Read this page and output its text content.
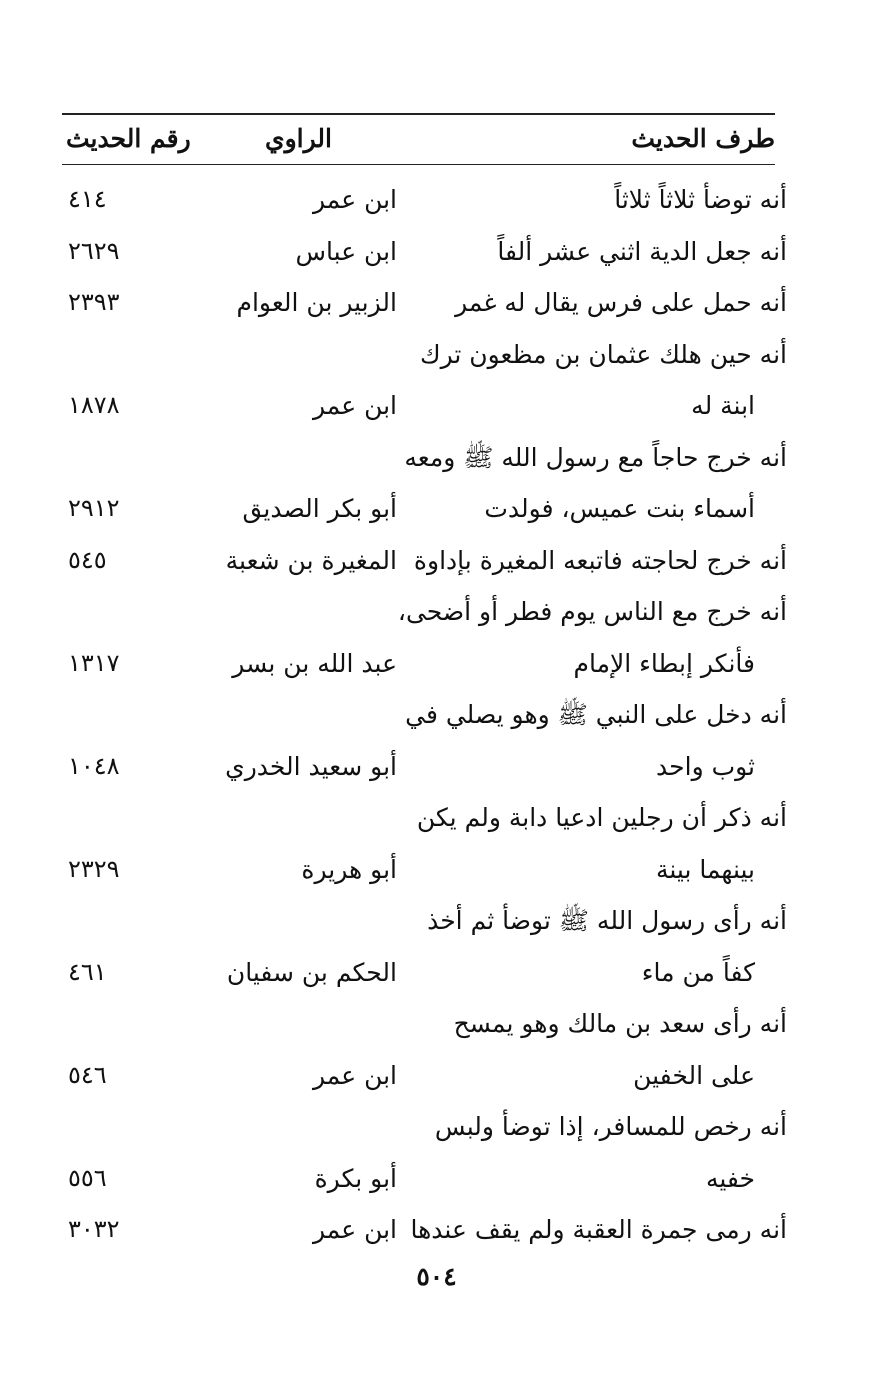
طرف الحديث
الراوي
رقم الحديث
أنه توضأ ثلاثاً ثلاثاً
ابن عمر
٤١٤
أنه جعل الدية اثني عشر ألفاً
ابن عباس
٢٦٢٩
أنه حمل على فرس يقال له غمر
الزبير بن العوام
٢٣٩٣
أنه حين هلك عثمان بن مظعون ترك
ابنة له
ابن عمر
١٨٧٨
أنه خرج حاجاً مع رسول الله ﷺ ومعه
أسماء بنت عميس، فولدت
أبو بكر الصديق
٢٩١٢
أنه خرج لحاجته فاتبعه المغيرة بإداوة
المغيرة بن شعبة
٥٤٥
أنه خرج مع الناس يوم فطر أو أضحى،
فأنكر إبطاء الإمام
عبد الله بن بسر
١٣١٧
أنه دخل على النبي ﷺ وهو يصلي في
ثوب واحد
أبو سعيد الخدري
١٠٤٨
أنه ذكر أن رجلين ادعيا دابة ولم يكن
بينهما بينة
أبو هريرة
٢٣٢٩
أنه رأى رسول الله ﷺ توضأ ثم أخذ
كفاً من ماء
الحكم بن سفيان
٤٦١
أنه رأى سعد بن مالك وهو يمسح
على الخفين
ابن عمر
٥٤٦
أنه رخص للمسافر، إذا توضأ ولبس
خفيه
أبو بكرة
٥٥٦
أنه رمى جمرة العقبة ولم يقف عندها
ابن عمر
٣٠٣٢
٥٠٤
